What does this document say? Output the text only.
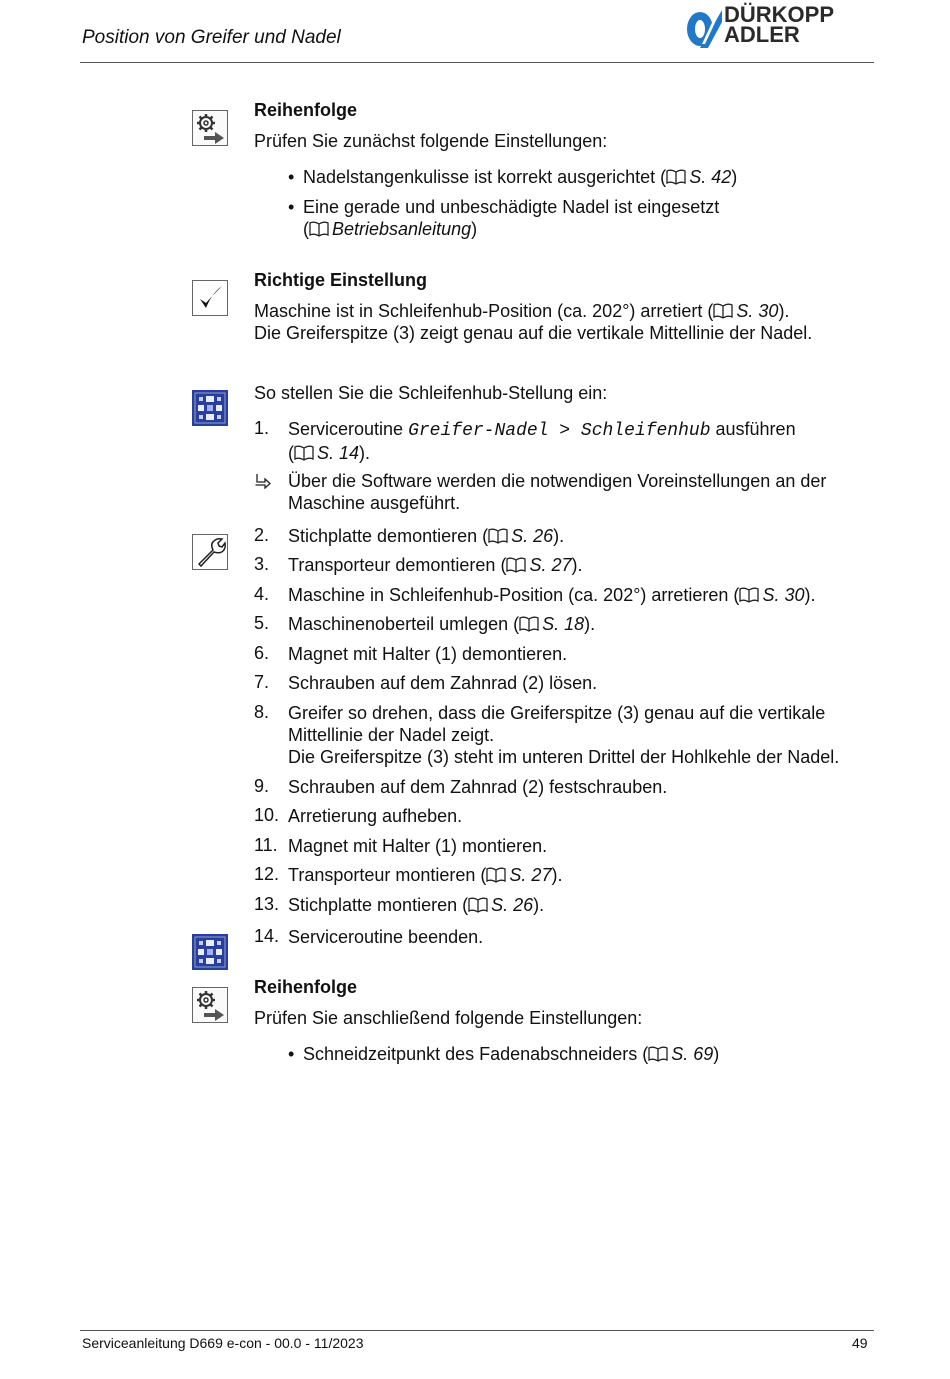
Position von Greifer und Nadel
DÜRKOPP
ADLER
Reihenfolge
Prüfen Sie zunächst folgende Einstellungen:
• Nadelstangenkulisse ist korrekt ausgerichtet ( S. 42)
• Eine gerade und unbeschädigte Nadel ist eingesetzt
( Betriebsanleitung)
Richtige Einstellung
Maschine ist in Schleifenhub-Position (ca. 202°) arretiert ( S. 30).
Die Greiferspitze (3) zeigt genau auf die vertikale Mittellinie der Nadel.
So stellen Sie die Schleifenhub-Stellung ein:
1. Serviceroutine Greifer-Nadel > Schleifenhub ausführen
( S. 14).
Über die Software werden die notwendigen Voreinstellungen an der
Maschine ausgeführt.
2. Stichplatte demontieren ( S. 26).
3. Transporteur demontieren ( S. 27).
4. Maschine in Schleifenhub-Position (ca. 202°) arretieren ( S. 30).
5. Maschinenoberteil umlegen ( S. 18).
6. Magnet mit Halter (1) demontieren.
7. Schrauben auf dem Zahnrad (2) lösen.
8. Greifer so drehen, dass die Greiferspitze (3) genau auf die vertikale
Mittellinie der Nadel zeigt.
Die Greiferspitze (3) steht im unteren Drittel der Hohlkehle der Nadel.
9. Schrauben auf dem Zahnrad (2) festschrauben.
10. Arretierung aufheben.
11. Magnet mit Halter (1) montieren.
12. Transporteur montieren ( S. 27).
13. Stichplatte montieren ( S. 26).
14. Serviceroutine beenden.
Reihenfolge
Prüfen Sie anschließend folgende Einstellungen:
• Schneidzeitpunkt des Fadenabschneiders ( S. 69)
Serviceanleitung D669 e-con - 00.0 - 11/2023	49
